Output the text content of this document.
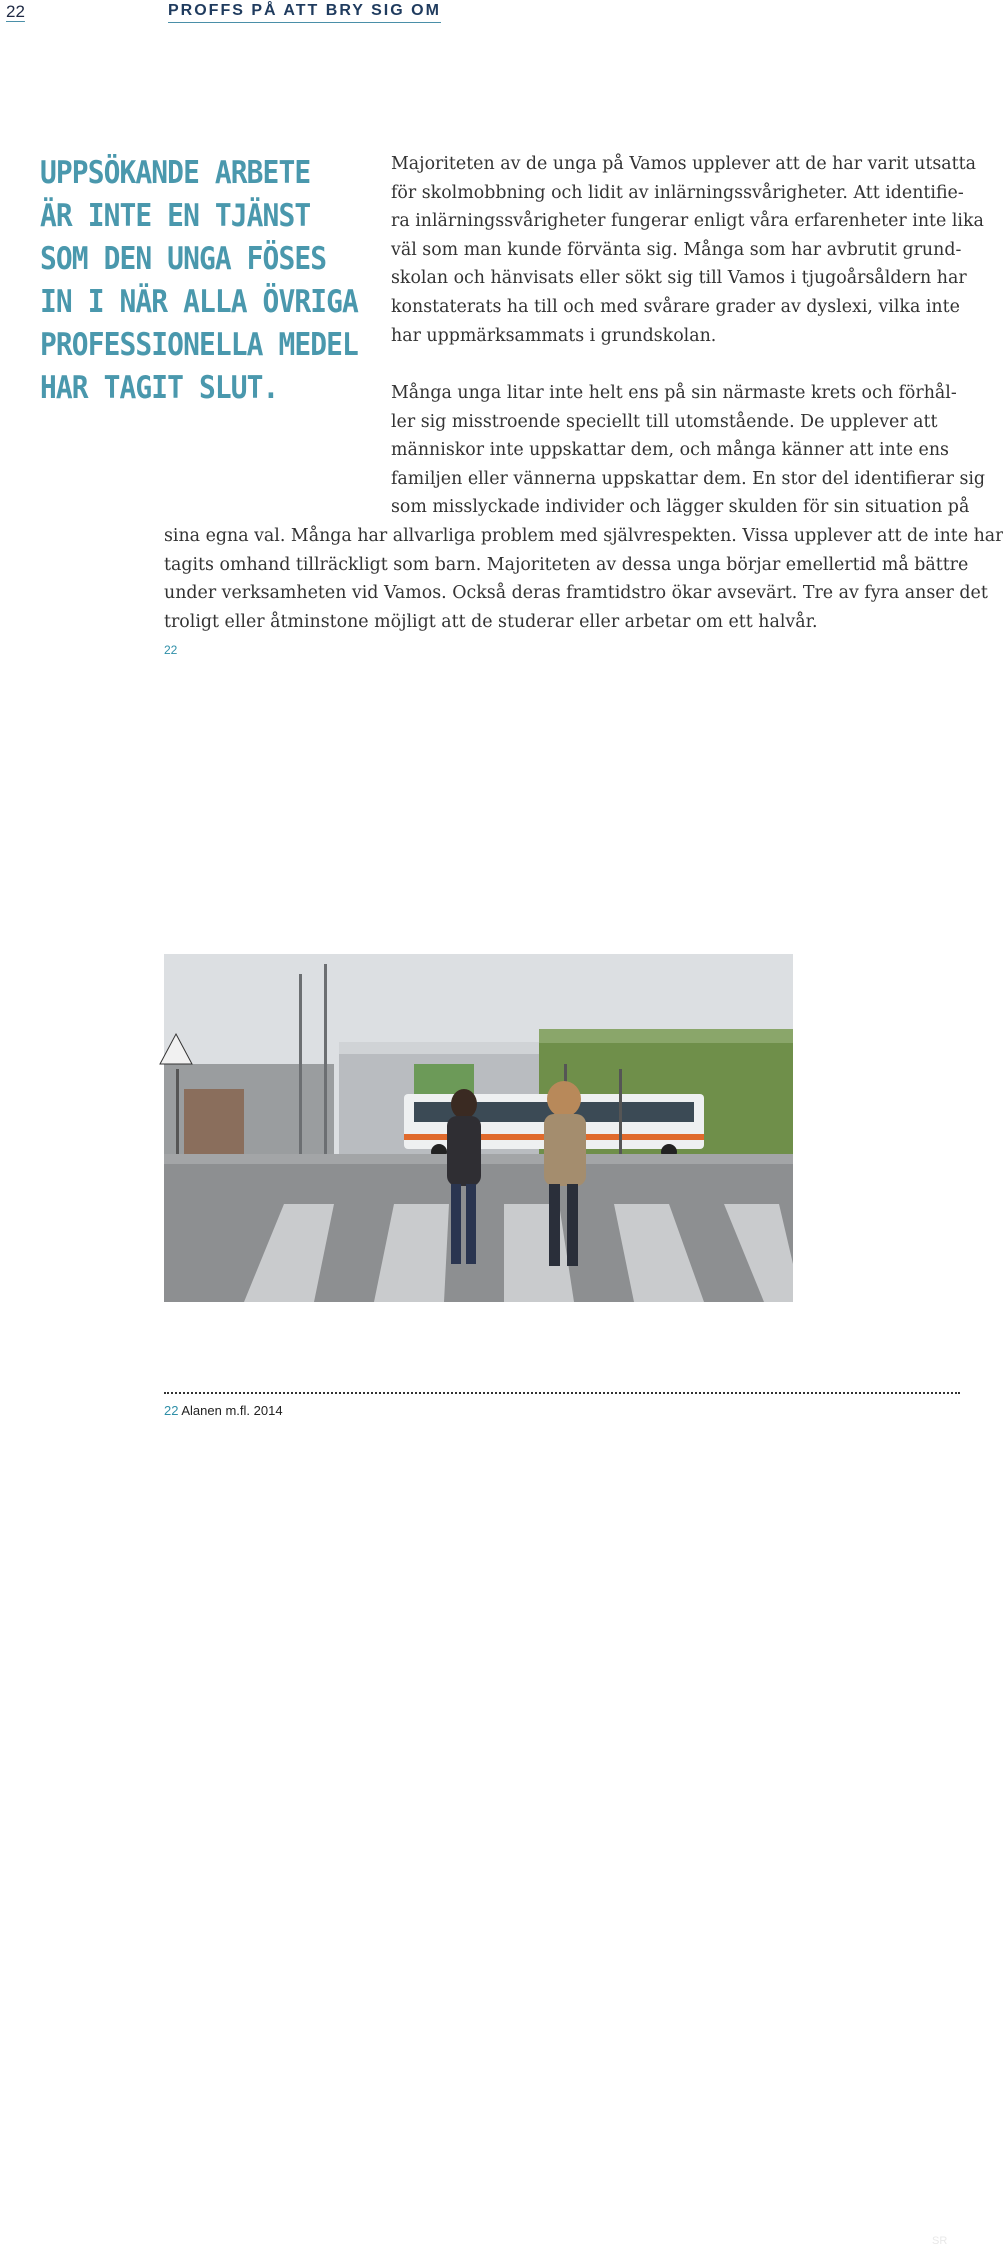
22	PROFFS PÅ ATT BRY SIG OM

UPPSÖKANDE ARBETE
ÄR INTE EN TJÄNST
SOM DEN UNGA FÖSES
IN I NÄR ALLA ÖVRIGA
PROFESSIONELLA MEDEL
HAR TAGIT SLUT.

Majoriteten av de unga på Vamos upplever att de har varit utsatta
för skolmobbning och lidit av inlärningssvårigheter. Att identifie-
ra inlärningssvårigheter fungerar enligt våra erfarenheter inte lika
väl som man kunde förvänta sig. Många som har avbrutit grund-
skolan och hänvisats eller sökt sig till Vamos i tjugoårsåldern har
konstaterats ha till och med svårare grader av dyslexi, vilka inte
har uppmärksammats i grundskolan.

Många unga litar inte helt ens på sin närmaste krets och förhål-
ler sig misstroende speciellt till utomstående. De upplever att
människor inte uppskattar dem, och många känner att inte ens
familjen eller vännerna uppskattar dem. En stor del identifierar sig
som misslyckade individer och lägger skulden för sin situation på

sina egna val. Många har allvarliga problem med självrespekten. Vissa upplever att de inte har
tagits omhand tillräckligt som barn. Majoriteten av dessa unga börjar emellertid må bättre
under verksamheten vid Vamos. Också deras framtidstro ökar avsevärt. Tre av fyra anser det
troligt eller åtminstone möjligt att de studerar eller arbetar om ett halvår.
$^{22}$

SR
22 Alanen m.fl. 2014
